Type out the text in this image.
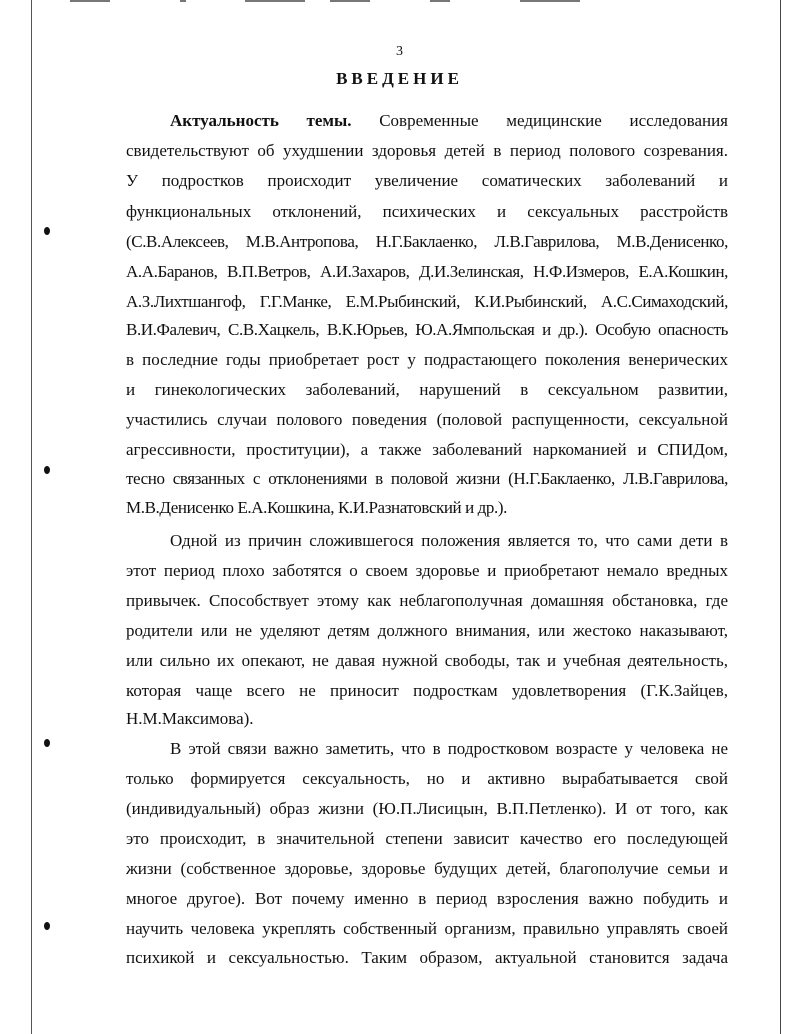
3
ВВЕДЕНИЕ
Актуальность темы. Современные медицинские исследования
свидетельствуют об ухудшении здоровья детей в период полового созревания.
У подростков происходит увеличение соматических заболеваний и
функциональных отклонений, психических и сексуальных расстройств
(С.В.Алексеев, М.В.Антропова, Н.Г.Баклаенко, Л.В.Гаврилова, М.В.Денисенко,
А.А.Баранов, В.П.Ветров, А.И.Захаров, Д.И.Зелинская, Н.Ф.Измеров, Е.А.Кошкин,
А.З.Лихтшангоф, Г.Г.Манке, Е.М.Рыбинский, К.И.Рыбинский, А.С.Симаходский,
В.И.Фалевич, С.В.Хацкель, В.К.Юрьев, Ю.А.Ямпольская и др.). Особую опасность
в последние годы приобретает рост у подрастающего поколения венерических
и гинекологических заболеваний, нарушений в сексуальном развитии,
участились случаи полового поведения (половой распущенности, сексуальной
агрессивности, проституции), а также заболеваний наркоманией и СПИДом,
тесно связанных с отклонениями в половой жизни (Н.Г.Баклаенко, Л.В.Гаврилова,
М.В.Денисенко Е.А.Кошкина, К.И.Разнатовский и др.).
Одной из причин сложившегося положения является то, что сами дети в
этот период плохо заботятся о своем здоровье и приобретают немало вредных
привычек. Способствует этому как неблагополучная домашняя обстановка, где
родители или не уделяют детям должного внимания, или жестоко наказывают,
или сильно их опекают, не давая нужной свободы, так и учебная деятельность,
которая чаще всего не приносит подросткам удовлетворения (Г.К.Зайцев,
Н.М.Максимова).
В этой связи важно заметить, что в подростковом возрасте у человека не
только формируется сексуальность, но и активно вырабатывается свой
(индивидуальный) образ жизни (Ю.П.Лисицын, В.П.Петленко). И от того, как
это происходит, в значительной степени зависит качество его последующей
жизни (собственное здоровье, здоровье будущих детей, благополучие семьи и
многое другое). Вот почему именно в период взросления важно побудить и
научить человека укреплять собственный организм, правильно управлять своей
психикой и сексуальностью. Таким образом, актуальной становится задача
